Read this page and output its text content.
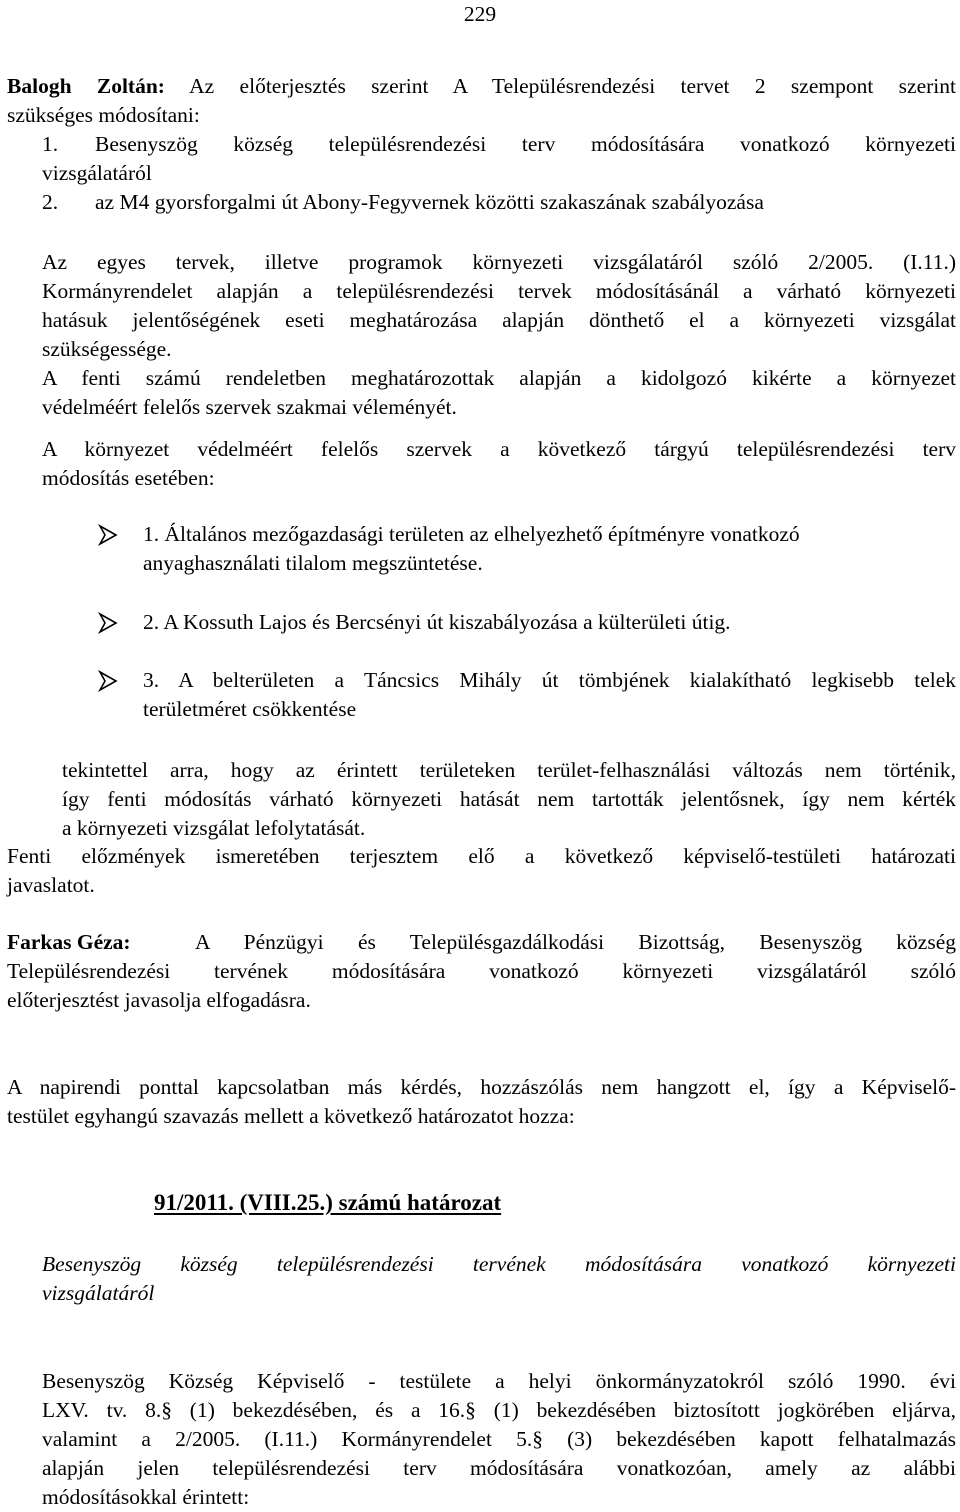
229
Balogh Zoltán: Az előterjesztés szerint A Településrendezési tervet 2 szempont szerint
szükséges módosítani:
1. Besenyszög község településrendezési terv módosítására vonatkozó környezeti
vizsgálatáról
2. az M4 gyorsforgalmi út Abony-Fegyvernek közötti szakaszának szabályozása
Az egyes tervek, illetve programok környezeti vizsgálatáról szóló 2/2005. (I.11.)
Kormányrendelet alapján a településrendezési tervek módosításánál a várható környezeti
hatásuk jelentőségének eseti meghatározása alapján dönthető el a környezeti vizsgálat
szükségessége.
A fenti számú rendeletben meghatározottak alapján a kidolgozó kikérte a környezet
védelméért felelős szervek szakmai véleményét.
A környezet védelméért felelős szervek a következő tárgyú településrendezési terv
módosítás esetében:
1. Általános mezőgazdasági területen az elhelyezhető építményre vonatkozó
anyaghasználati tilalom megszüntetése.
2. A Kossuth Lajos és Bercsényi út kiszabályozása a külterületi útig.
3. A belterületen a Táncsics Mihály út tömbjének kialakítható legkisebb telek
területméret csökkentése
tekintettel arra, hogy az érintett területeken terület-felhasználási változás nem történik,
így fenti módosítás várható környezeti hatását nem tartották jelentősnek, így nem kérték
a környezeti vizsgálat lefolytatását.
Fenti előzmények ismeretében terjesztem elő a következő képviselő-testületi határozati
javaslatot.
Farkas Géza:	A Pénzügyi és Településgazdálkodási Bizottság, Besenyszög község
Településrendezési tervének módosítására vonatkozó környezeti vizsgálatáról szóló
előterjesztést javasolja elfogadásra.
A napirendi ponttal kapcsolatban más kérdés, hozzászólás nem hangzott el, így a Képviselő-
testület egyhangú szavazás mellett a következő határozatot hozza:
91/2011. (VIII.25.) számú határozat
Besenyszög község településrendezési tervének módosítására vonatkozó környezeti
vizsgálatáról
Besenyszög Község Képviselő - testülete a helyi önkormányzatokról szóló 1990. évi
LXV. tv. 8.§ (1) bekezdésében, és a 16.§ (1) bekezdésében biztosított jogkörében eljárva,
valamint a 2/2005. (I.11.) Kormányrendelet 5.§ (3) bekezdésében kapott felhatalmazás
alapján jelen településrendezési terv módosítására vonatkozóan, amely az alábbi
módosításokkal érintett:
